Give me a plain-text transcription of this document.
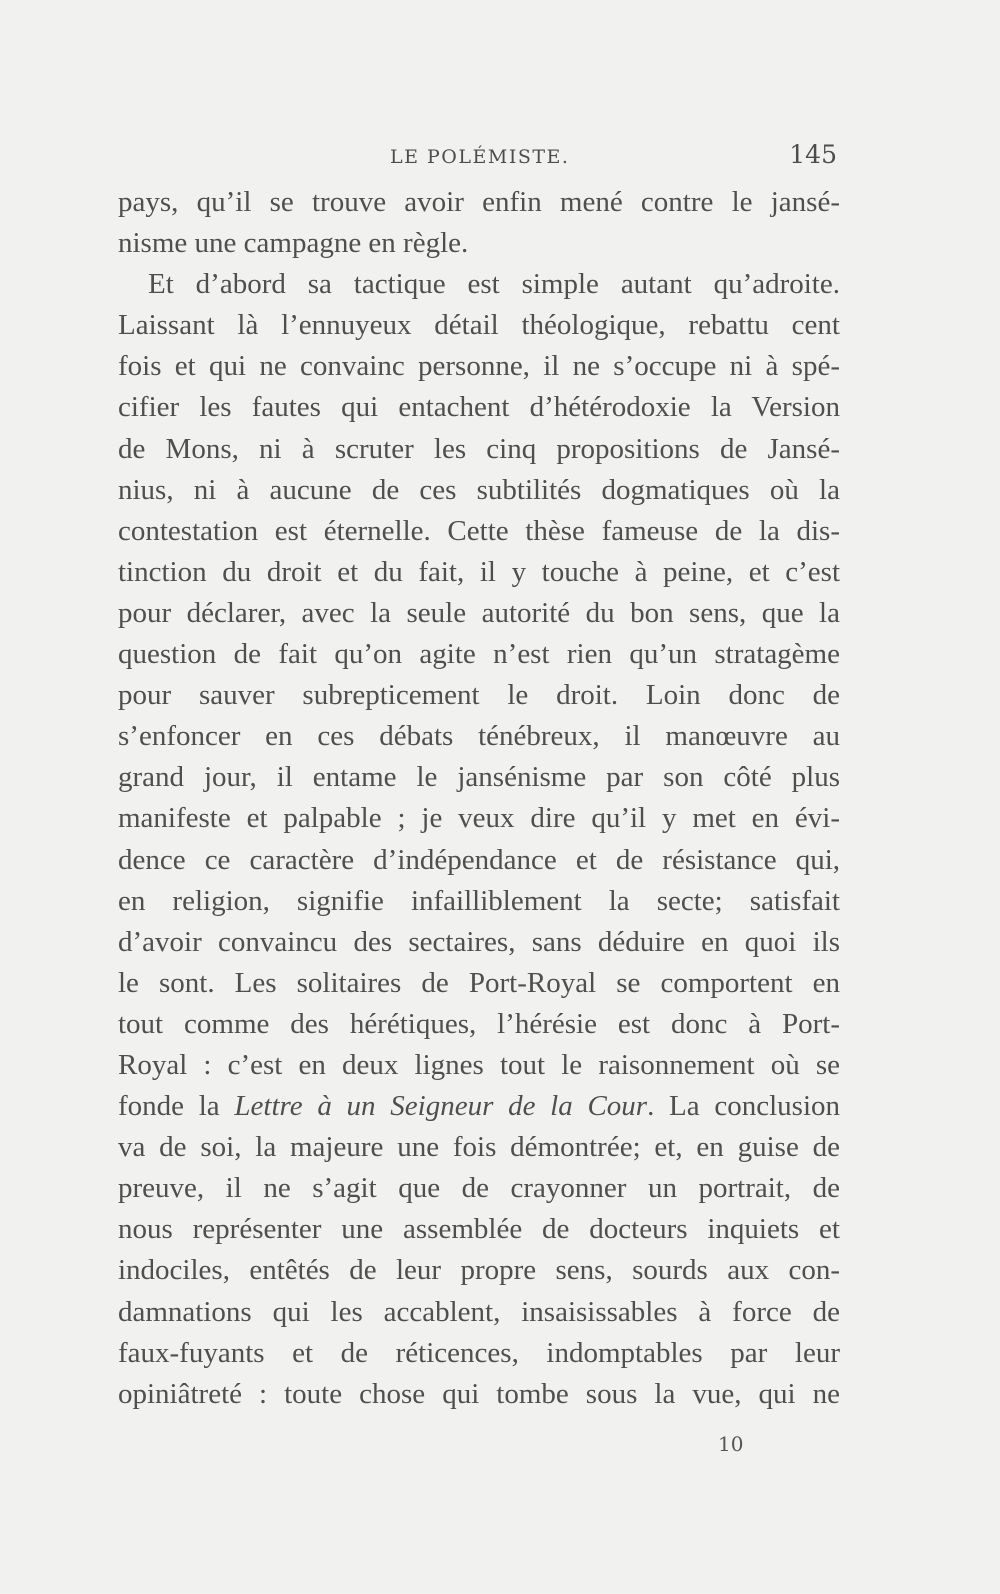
LE POLÉMISTE.	145
pays, qu’il se trouve avoir enfin mené contre le jansé-
nisme une campagne en règle.
Et d’abord sa tactique est simple autant qu’adroite.
Laissant là l’ennuyeux détail théologique, rebattu cent
fois et qui ne convainc personne, il ne s’occupe ni à spé-
cifier les fautes qui entachent d’hétérodoxie la Version
de Mons, ni à scruter les cinq propositions de Jansé-
nius, ni à aucune de ces subtilités dogmatiques où la
contestation est éternelle. Cette thèse fameuse de la dis-
tinction du droit et du fait, il y touche à peine, et c’est
pour déclarer, avec la seule autorité du bon sens, que la
question de fait qu’on agite n’est rien qu’un stratagème
pour sauver subrepticement le droit. Loin donc de
s’enfoncer en ces débats ténébreux, il manœuvre au
grand jour, il entame le jansénisme par son côté plus
manifeste et palpable ; je veux dire qu’il y met en évi-
dence ce caractère d’indépendance et de résistance qui,
en religion, signifie infailliblement la secte; satisfait
d’avoir convaincu des sectaires, sans déduire en quoi ils
le sont. Les solitaires de Port-Royal se comportent en
tout comme des hérétiques, l’hérésie est donc à Port-
Royal : c’est en deux lignes tout le raisonnement où se
fonde la Lettre à un Seigneur de la Cour. La conclusion
va de soi, la majeure une fois démontrée; et, en guise de
preuve, il ne s’agit que de crayonner un portrait, de
nous représenter une assemblée de docteurs inquiets et
indociles, entêtés de leur propre sens, sourds aux con-
damnations qui les accablent, insaisissables à force de
faux-fuyants et de réticences, indomptables par leur
opiniâtreté : toute chose qui tombe sous la vue, qui ne
10
